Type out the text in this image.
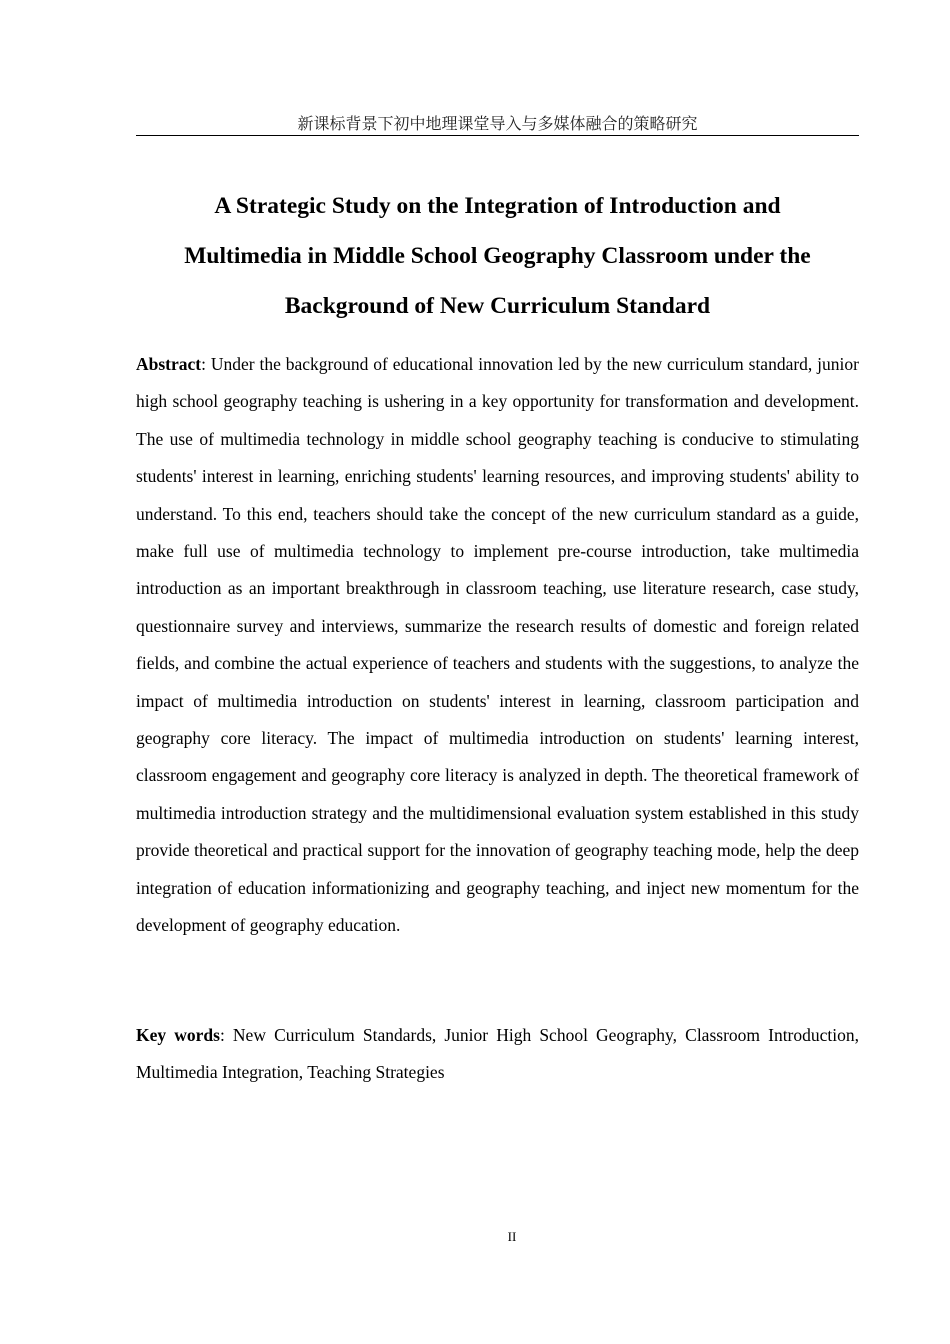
新课标背景下初中地理课堂导入与多媒体融合的策略研究
A Strategic Study on the Integration of Introduction and
Multimedia in Middle School Geography Classroom under the
Background of New Curriculum Standard

Abstract: Under the background of educational innovation led by the new curriculum standard, junior high school geography teaching is ushering in a key opportunity for transformation and development. The use of multimedia technology in middle school geography teaching is conducive to stimulating students' interest in learning, enriching students' learning resources, and improving students' ability to understand. To this end, teachers should take the concept of the new curriculum standard as a guide, make full use of multimedia technology to implement pre-course introduction, take multimedia introduction as an important breakthrough in classroom teaching, use literature research, case study, questionnaire survey and interviews, summarize the research results of domestic and foreign related fields, and combine the actual experience of teachers and students with the suggestions, to analyze the impact of multimedia introduction on students' interest in learning, classroom participation and geography core literacy. The impact of multimedia introduction on students' learning interest, classroom engagement and geography core literacy is analyzed in depth. The theoretical framework of multimedia introduction strategy and the multidimensional evaluation system established in this study provide theoretical and practical support for the innovation of geography teaching mode, help the deep integration of education informationizing and geography teaching, and inject new momentum for the development of geography education.

Key words: New Curriculum Standards, Junior High School Geography, Classroom Introduction, Multimedia Integration, Teaching Strategies

II
